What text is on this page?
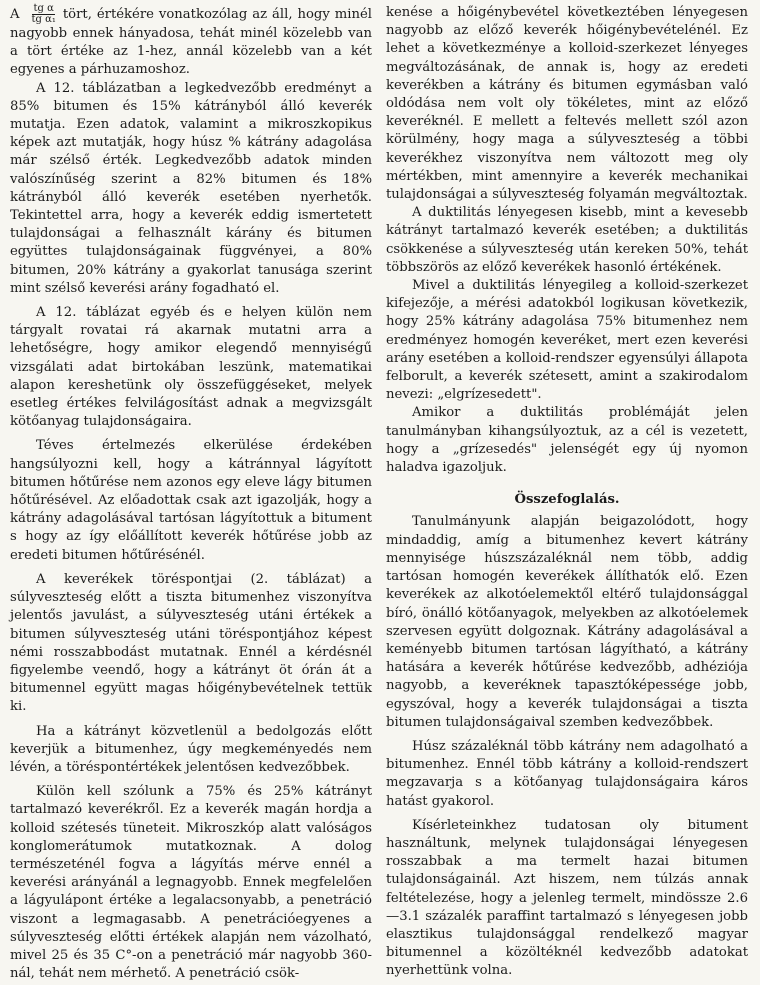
A $\frac{\text{tg α}}{\text{tg α₁}}$ tört, értékére vonatkozólag az áll, hogy minél nagyobb ennek hányadosa, tehát minél közelebb van a tört értéke az 1-hez, annál közelebb van a két egyenes a párhuzamoshoz.

A 12. táblázatban a legkedvezőbb eredményt a 85% bitumen és 15% kátrányból álló keverék mutatja. Ezen adatok, valamint a mikroszkopikus képek azt mutatják, hogy húsz % kátrány adagolása már szélső érték. Legkedvezőbb adatok minden valószínűség szerint a 82% bitumen és 18% kátrányból álló keverék esetében nyerhetők. Tekintettel arra, hogy a keverék eddig ismertetett tulajdonságai a felhasznált kárány és bitumen együttes tulajdonságainak függvényei, a 80% bitumen, 20% kátrány a gyakorlat tanusága szerint mint szélső keverési arány fogadható el.

A 12. táblázat egyéb és e helyen külön nem tárgyalt rovatai rá akarnak mutatni arra a lehetőségre, hogy amikor elegendő mennyiségű vizsgálati adat birtokában leszünk, matematikai alapon kereshetünk oly összefüggéseket, melyek esetleg értékes felvilágosítást adnak a megvizsgált kötőanyag tulajdonságaira.

Téves értelmezés elkerülése érdekében hangsúlyozni kell, hogy a kátránnyal lágyított bitumen hőtűrése nem azonos egy eleve lágy bitumen hőtűrésével. Az előadottak csak azt igazolják, hogy a kátrány adagolásával tartósan lágyítottuk a bitument s hogy az így előállított keverék hőtűrése jobb az eredeti bitumen hőtűrésénél.

A keverékek töréspontjai (2. táblázat) a súlyveszteség előtt a tiszta bitumenhez viszonyítva jelentős javulást, a súlyveszteség utáni értékek a bitumen súlyveszteség utáni töréspontjához képest némi rosszabbodást mutatnak. Ennél a kérdésnél figyelembe veendő, hogy a kátrányt öt órán át a bitumennel együtt magas hőigénybevételnek tettük ki.

Ha a kátrányt közvetlenül a bedolgozás előtt keverjük a bitumenhez, úgy megkeményedés nem lévén, a töréspontértékek jelentősen kedvezőbbek.

Külön kell szólunk a 75% és 25% kátrányt tartalmazó keverékről. Ez a keverék magán hordja a kolloid szétesés tüneteit. Mikroszkóp alatt valóságos konglomerátumok mutatkoznak. A dolog természeténél fogva a lágyítás mérve ennél a keverési arányánál a legnagyobb. Ennek megfelelően a lágyulápont értéke a legalacsonyabb, a penetráció viszont a legmagasabb. A penetrációegyenes a súlyveszteség előtti értékek alapján nem vázolható, mivel 25 és 35 C°-on a penetráció már nagyobb 360-nál, tehát nem mérhető. A penetráció csök-

kenése a hőigénybevétel következtében lényegesen nagyobb az előző keverék hőigénybevételénél. Ez lehet a következménye a kolloid-szerkezet lényeges megváltozásának, de annak is, hogy az eredeti keverékben a kátrány és bitumen egymásban való oldódása nem volt oly tökéletes, mint az előző keveréknél. E mellett a feltevés mellett szól azon körülmény, hogy maga a súlyveszteség a többi keverékhez viszonyítva nem változott meg oly mértékben, mint amennyire a keverék mechanikai tulajdonságai a súlyveszteség folyamán megváltoztak.

A duktilitás lényegesen kisebb, mint a kevesebb kátrányt tartalmazó keverék esetében; a duktilitás csökkenése a súlyveszteség után kereken 50%, tehát többszörös az előző keverékek hasonló értékének.

Mivel a duktilitás lényegileg a kolloid-szerkezet kifejezője, a mérési adatokból logikusan következik, hogy 25% kátrány adagolása 75% bitumenhez nem eredményez homogén keveréket, mert ezen keverési arány esetében a kolloid-rendszer egyensúlyi állapota felborult, a keverék szétesett, amint a szakirodalom nevezi: „elgrízesedett".

Amikor a duktilitás problémáját jelen tanulmányban kihangsúlyoztuk, az a cél is vezetett, hogy a „grízesedés" jelenségét egy új nyomon haladva igazoljuk.

Összefoglalás.

Tanulmányunk alapján beigazolódott, hogy mindaddig, amíg a bitumenhez kevert kátrány mennyisége húszszázaléknál nem több, addig tartósan homogén keverékek állíthatók elő. Ezen keverékek az alkotóelemektől eltérő tulajdonsággal bíró, önálló kötőanyagok, melyekben az alkotóelemek szervesen együtt dolgoznak. Kátrány adagolásával a keményebb bitumen tartósan lágyítható, a kátrány hatására a keverék hőtűrése kedvezőbb, adhéziója nagyobb, a keveréknek tapasztóképessége jobb, egyszóval, hogy a keverék tulajdonságai a tiszta bitumen tulajdonságaival szemben kedvezőbbek.

Húsz százaléknál több kátrány nem adagolható a bitumenhez. Ennél több kátrány a kolloid-rendszert megzavarja s a kötőanyag tulajdonságaira káros hatást gyakorol.

Kísérleteinkhez tudatosan oly bitument használtunk, melynek tulajdonságai lényegesen rosszabbak a ma termelt hazai bitumen tulajdonságainál. Azt hiszem, nem túlzás annak feltételezése, hogy a jelenleg termelt, mindössze 2.6—3.1 százalék paraffint tartalmazó s lényegesen jobb elasztikus tulajdonsággal rendelkező magyar bitumennel a közöltéknél kedvezőbb adatokat nyerhettünk volna.
